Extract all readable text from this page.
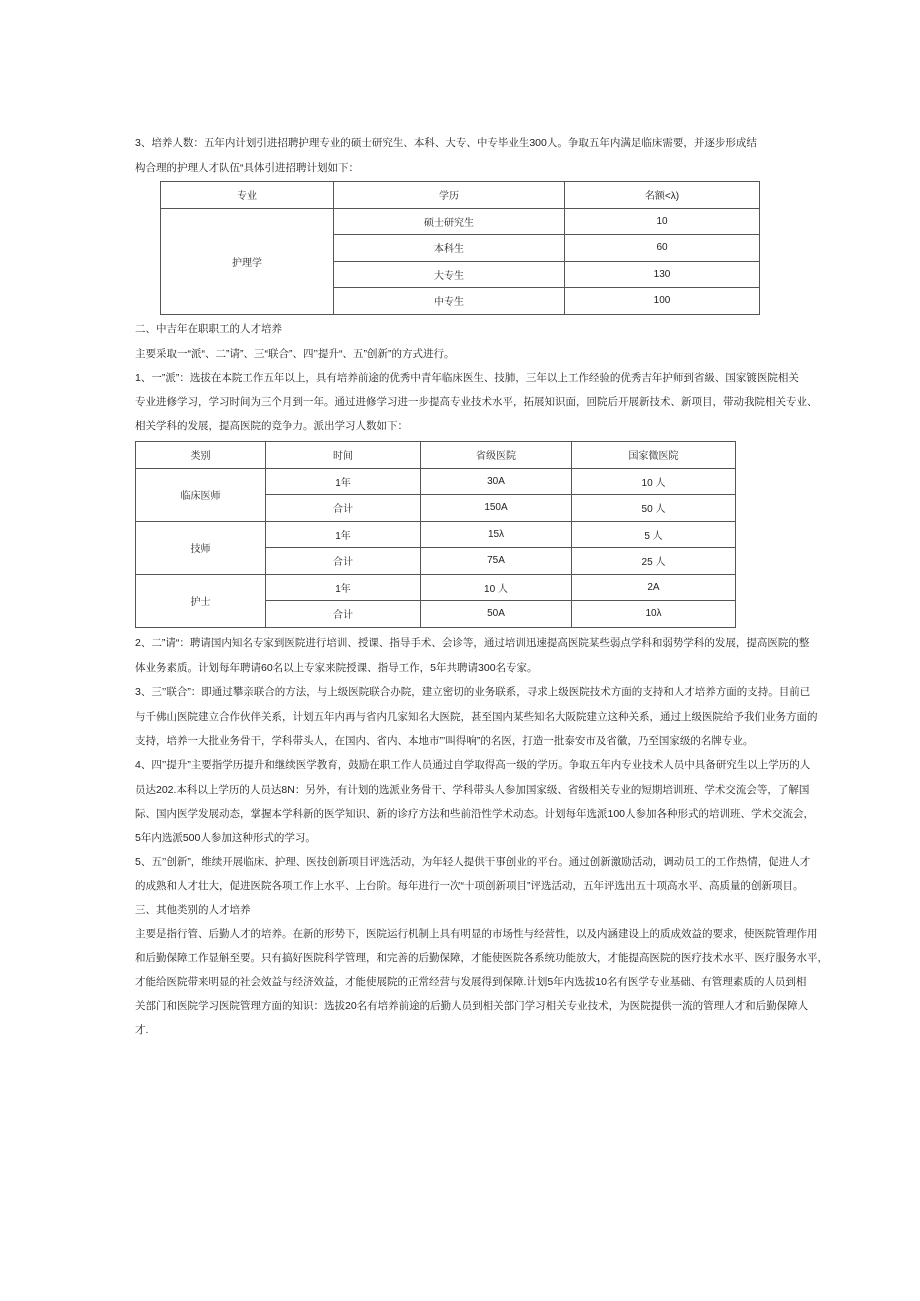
3、培养人数：五年内计划引进招聘护理专业的硕士研究生、本科、大专、中专毕业生300人。争取五年内满足临床需要，并逐步形成结
构合理的护理人才队伍“具体引进招聘计划如下：
专业	学历	名额<λ)
护理学	硕士研究生	10
	本科生	60
	大专生	130
	中专生	100
二、中吉年在职职工的人才培养
主要采取一“派“、二”请”、三“联合”、四’’提升“、五”创新”的方式进行。
1、一”派”：选拔在本院工作五年以上，具有培养前途的优秀中青年临床医生、技肺，三年以上工作经验的优秀吉年护师到省級、国家镀医院相关
专业进修学习，学习时间为三个月到一年。通过进修学习进一步提高专业技术水平，拓展知识面，回院后开展新技术、新项目，带动我院相关专业、
相关学科的发展，提高医院的竞争力。派出学习人数如下：
类别	时间	省级医院	国家微医院
临床医师	1年	30A	10 人
	合计	150A	50 人
技师	1年	15λ	5 人
	合计	75A	25 人
护士	1年	10 人	2A
	合计	50A	10λ
2、二”请“：聘请国内知名专家到医院进行培训、授课、指导手术、会诊等，通过培训迅速提高医院某些弱点学科和弱势学科的发展，提高医院的整
体业务素质。计划每年聘请60名以上专家来院授课、指导工作，5年共聘请300名专家。
3、三’’联合”：即通过攀亲联合的方法，与上级医院联合办院，建立密切的业务联系，寻求上级医院技术方面的支持和人才培养方面的支持。目前已
与千佛山医院建立合作伙伴关系，计划五年内再与省内几家知名大医院，甚至国内某些知名大阪院建立这种关系，通过上级医院给予我们业务方面的
支持，培养一大批业务骨干，学科带头人，在国内、省内、本地市”’叫得响”的名医，打造一批泰安市及省徽，乃至国家级的名牌专业。
4、四’’提升”主要指学历提升和继续医学教育，鼓励在职工作人员通过自学取得高一级的学历。争取五年内专业技术人员中具备研究生以上学历的人
员达202.本科以上学历的人员达8N：另外，有计划的选派业务骨干、学科带头人参加国家级、省级相关专业的短期培训班、学术交流会等，了解国
际、国内医学发展动态，掌握本学科新的医学知识、新的诊疗方法和些前沿性学术动态。计划每年选派100人参加各种形式的培训班、学术交流会，
5年内选派500人参加这种形式的学习。
5、五’’创新”，维续开展临床、护理、医技创新项目评选活动，为年轻人提供干事创业的平台。通过创新激励活动，调动员工的工作热情，促进人才
的成熟和人才壮大，促进医院各项工作上水平、上台阶。每年进行一次“十项创新项目”评选活动，五年评选出五十项高水平、高质量的创新项目。
三、其他类别的人才培养
主要是指行管、后勤人才的培养。在新的形势下，医院运行机制上具有明显的市场性与经营性，以及内涵建设上的质成效益的要求，使医院管理作用
和后勤保障工作显斛至要。只有搞好医院科学管理，和完善的后勤保障，才能使医院各系统功能放大，才能提高医院的医疗技术水平、医疗服务水平，
才能给医院带来明显的社会效益与经济效益，才能使展院的正常经营与发展得到保障.计划5年内选拔10名有医学专业基础、有管理素质的人员到相
关部门和医院学习医院管理方面的知识：选拔20名有培养前途的后勤人员到相关部门学习相关专业技术，为医院提供一流的管理人才和后勤保障人
才.
